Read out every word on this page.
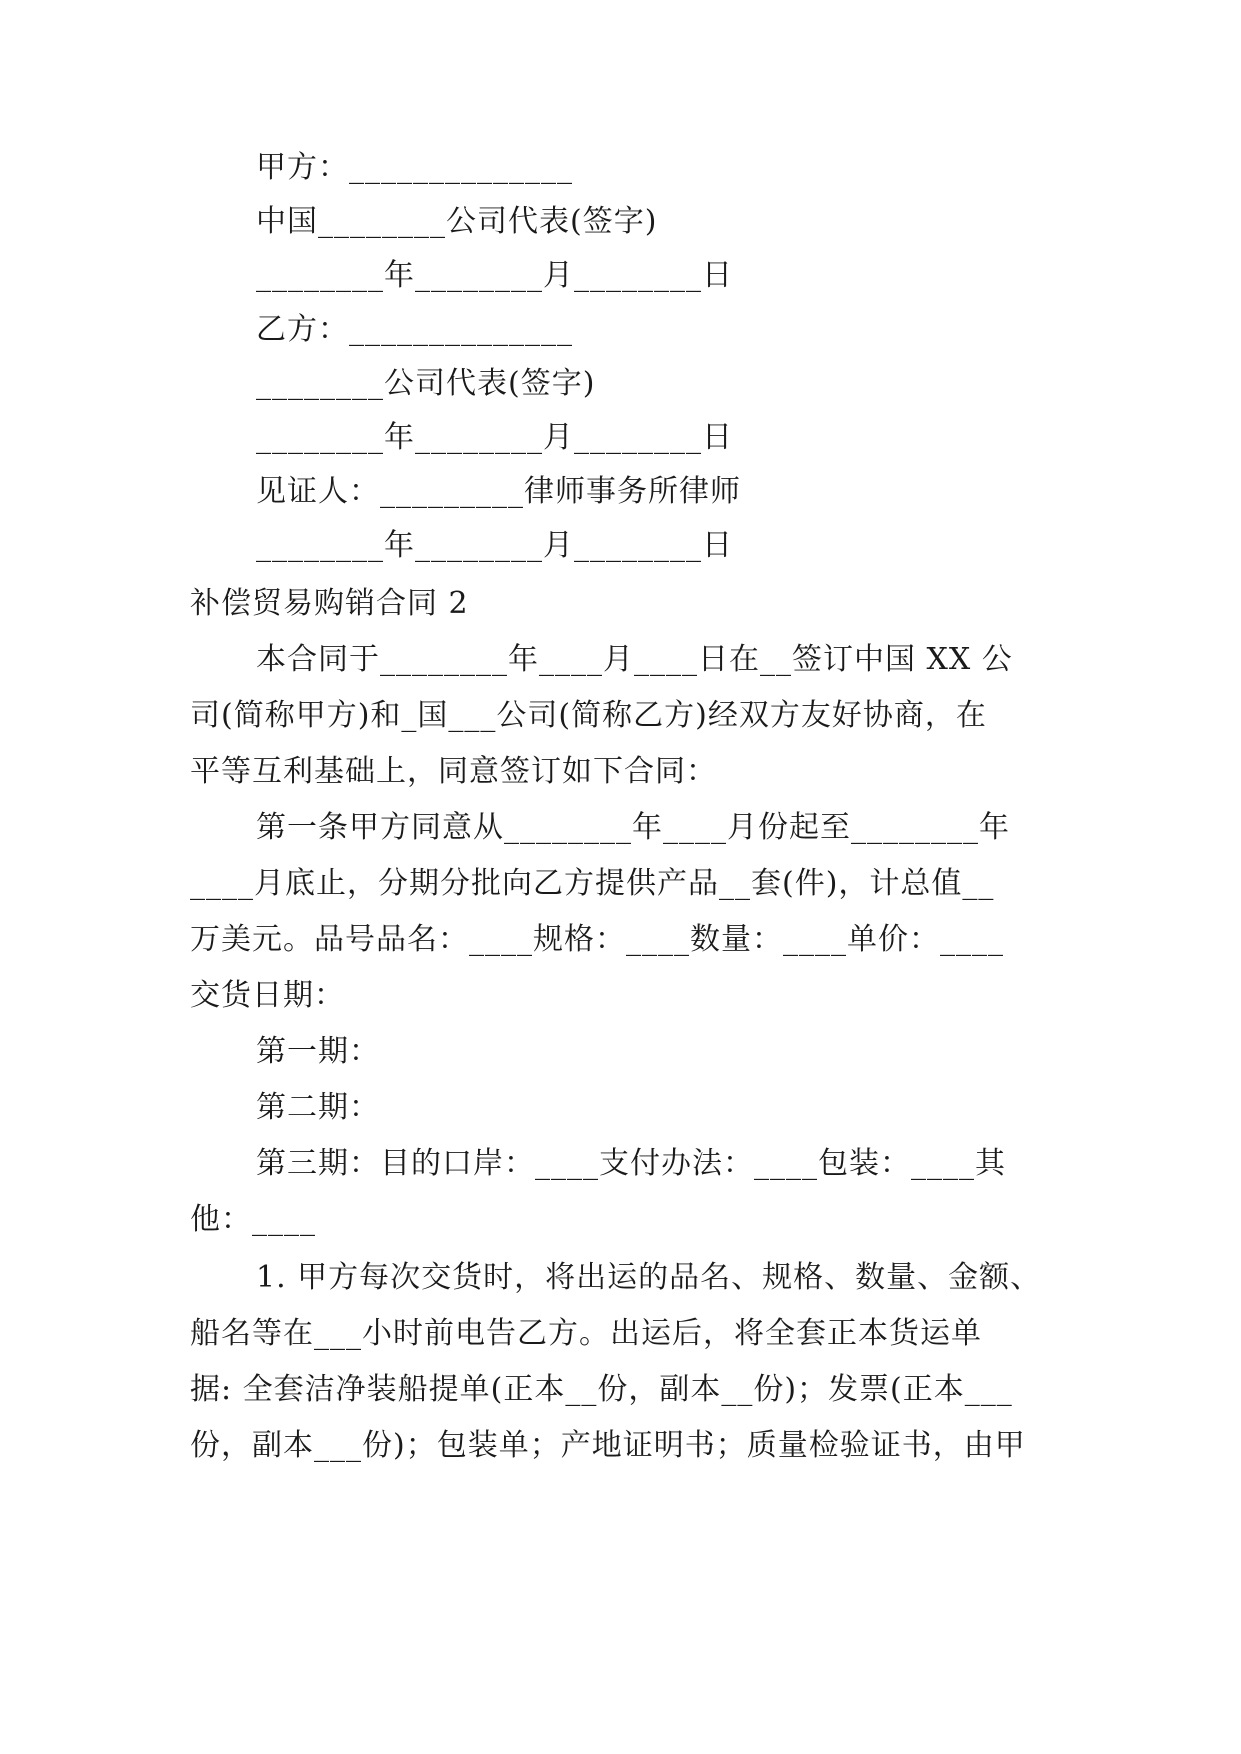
甲方：______________
中国________公司代表(签字)
________年________月________日
乙方：______________
________公司代表(签字)
________年________月________日
见证人：_________律师事务所律师
________年________月________日
补偿贸易购销合同 2
本合同于________年____月____日在__签订中国 XX 公
司(简称甲方)和_国___公司(简称乙方)经双方友好协商，在
平等互利基础上，同意签订如下合同：
第一条甲方同意从________年____月份起至________年
____月底止，分期分批向乙方提供产品__套(件)，计总值__
万美元。品号品名：____规格：____数量：____单价：____
交货日期：
第一期：
第二期：
第三期：目的口岸：____支付办法：____包装：____其
他：____
1. 甲方每次交货时，将出运的品名、规格、数量、金额、
船名等在___小时前电告乙方。出运后，将全套正本货运单
据: 全套洁净装船提单(正本__份，副本__份)；发票(正本___
份，副本___份)；包装单；产地证明书；质量检验证书，由甲
